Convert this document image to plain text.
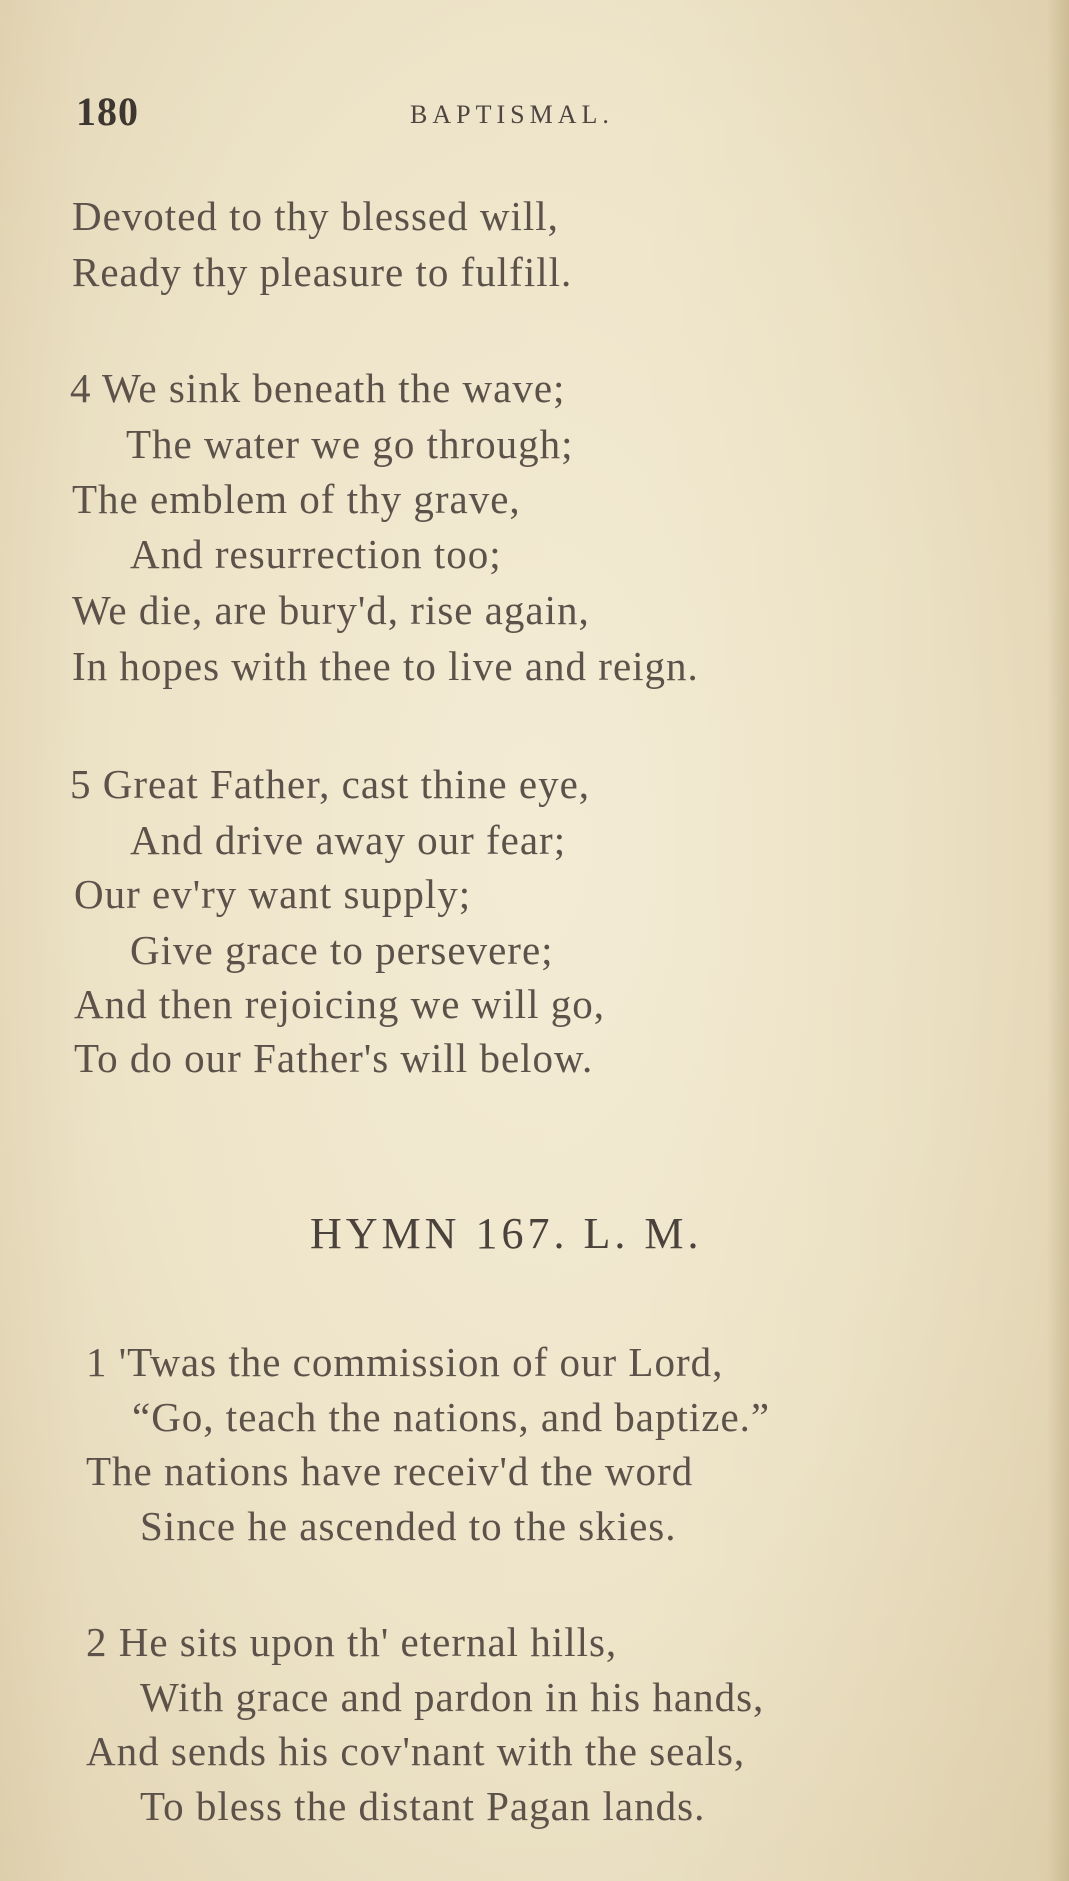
180	BAPTISMAL.
Devoted to thy blessed will,
Ready thy pleasure to fulfill.
4 We sink beneath the wave;
The water we go through;
The emblem of thy grave,
And resurrection too;
We die, are bury'd, rise again,
In hopes with thee to live and reign.
5 Great Father, cast thine eye,
And drive away our fear;
Our ev'ry want supply;
Give grace to persevere;
And then rejoicing we will go,
To do our Father's will below.
HYMN 167. L. M.
1 'Twas the commission of our Lord,
“Go, teach the nations, and baptize.”
The nations have receiv'd the word
Since he ascended to the skies.
2 He sits upon th' eternal hills,
With grace and pardon in his hands,
And sends his cov'nant with the seals,
To bless the distant Pagan lands.
